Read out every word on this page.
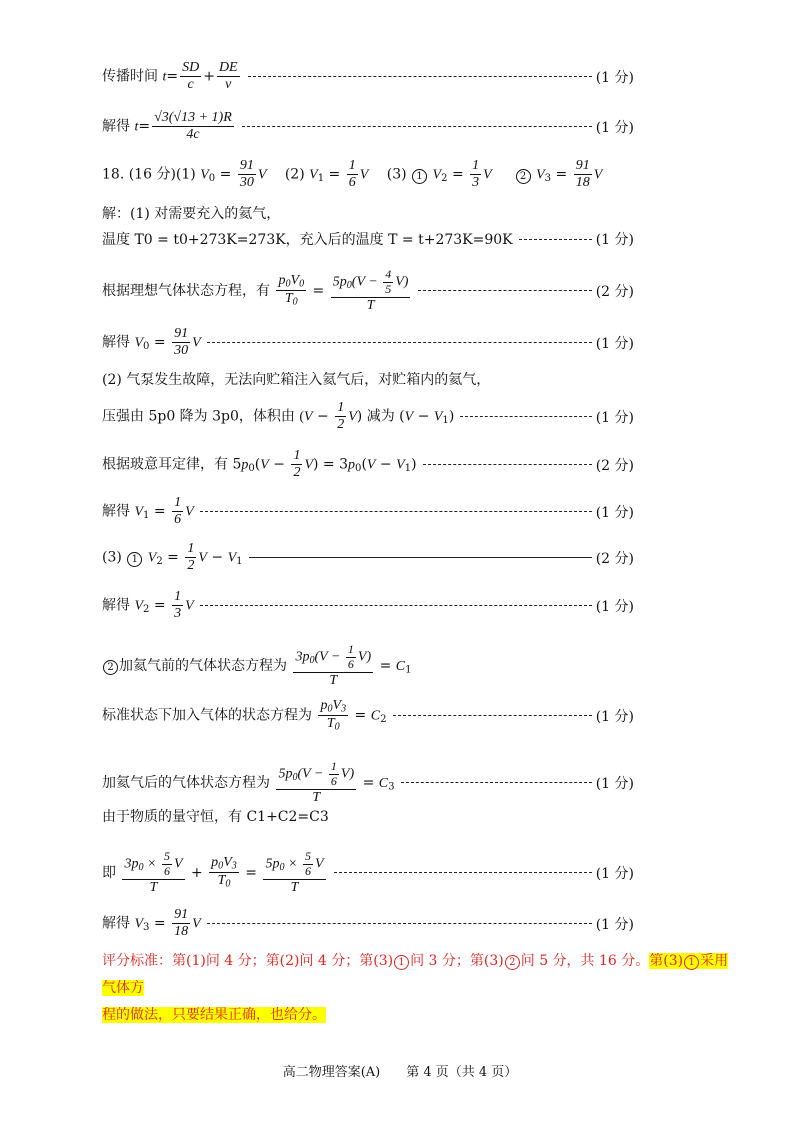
传播时间 $t= \frac{SD}{c} + \frac{DE}{v}$	(1 分)
解得 $t= \frac{√3(√13 + 1)R}{4c}$	(1 分)
18. (16 分)(1) $V_0 = \frac{91}{30}$ V (2) $V_1 = \frac{1}{6}$ V (3) 1 $V_2 = \frac{1}{3}$ V	2 $V_3 = \frac{91}{18}$ V
解：(1) 对需要充入的氦气，
温度 T0 = t0+273K=273K，充入后的温度 T = t+273K=90K	(1 分)
根据理想气体状态方程，有 $\frac{p_0V_0}{T_0} = \frac{5p_0(V - \frac{4}{5} V)}{T}$	(2 分)
解得 $V_0 = \frac{91}{30}$ V	(1 分)
(2) 气泵发生故障，无法向贮箱注入氦气后，对贮箱内的氦气，
压强由 5p0 降为 3p0，体积由 $(V - \frac{1}{2} V)$ 减为 $(V - V_1)$	(1 分)
根据玻意耳定律，有 $5p_0(V - \frac{1}{2} V) = 3p_0(V - V_1)$	(2 分)
解得 $V_1 = \frac{1}{6}$ V	(1 分)
(3) 1 $V_2 = \frac{1}{2}$ $V - V_1$	(2 分)
解得 $V_2 = \frac{1}{3}$ V	(1 分)
2 加氦气前的气体状态方程为 $\frac{3p_0(V - \frac{1}{6} V)}{T} = C_1$
标准状态下加入气体的状态方程为 $\frac{p_0V_3}{T_0} = C_2$	(1 分)
加氦气后的气体状态方程为 $\frac{5p_0(V - \frac{1}{6} V)}{T} = C_3$	(1 分)
由于物质的量守恒，有 C1+C2=C3
即 $\frac{3p_0 \times \frac{5}{6} V}{T} + \frac{p_0V_3}{T_0} = \frac{5p_0 \times \frac{5}{6} V}{T}$	(1 分)
解得 $V_3 = \frac{91}{18}$ V	(1 分)
评分标准：第(1)问 4 分；第(2)问 4 分；第(3) 1 问 3 分；第(3) 2 问 5 分，共 16 分。第(3) 1 采用气体方
程的做法，只要结果正确，也给分。
高二物理答案(A)　　第 4 页（共 4 页）
